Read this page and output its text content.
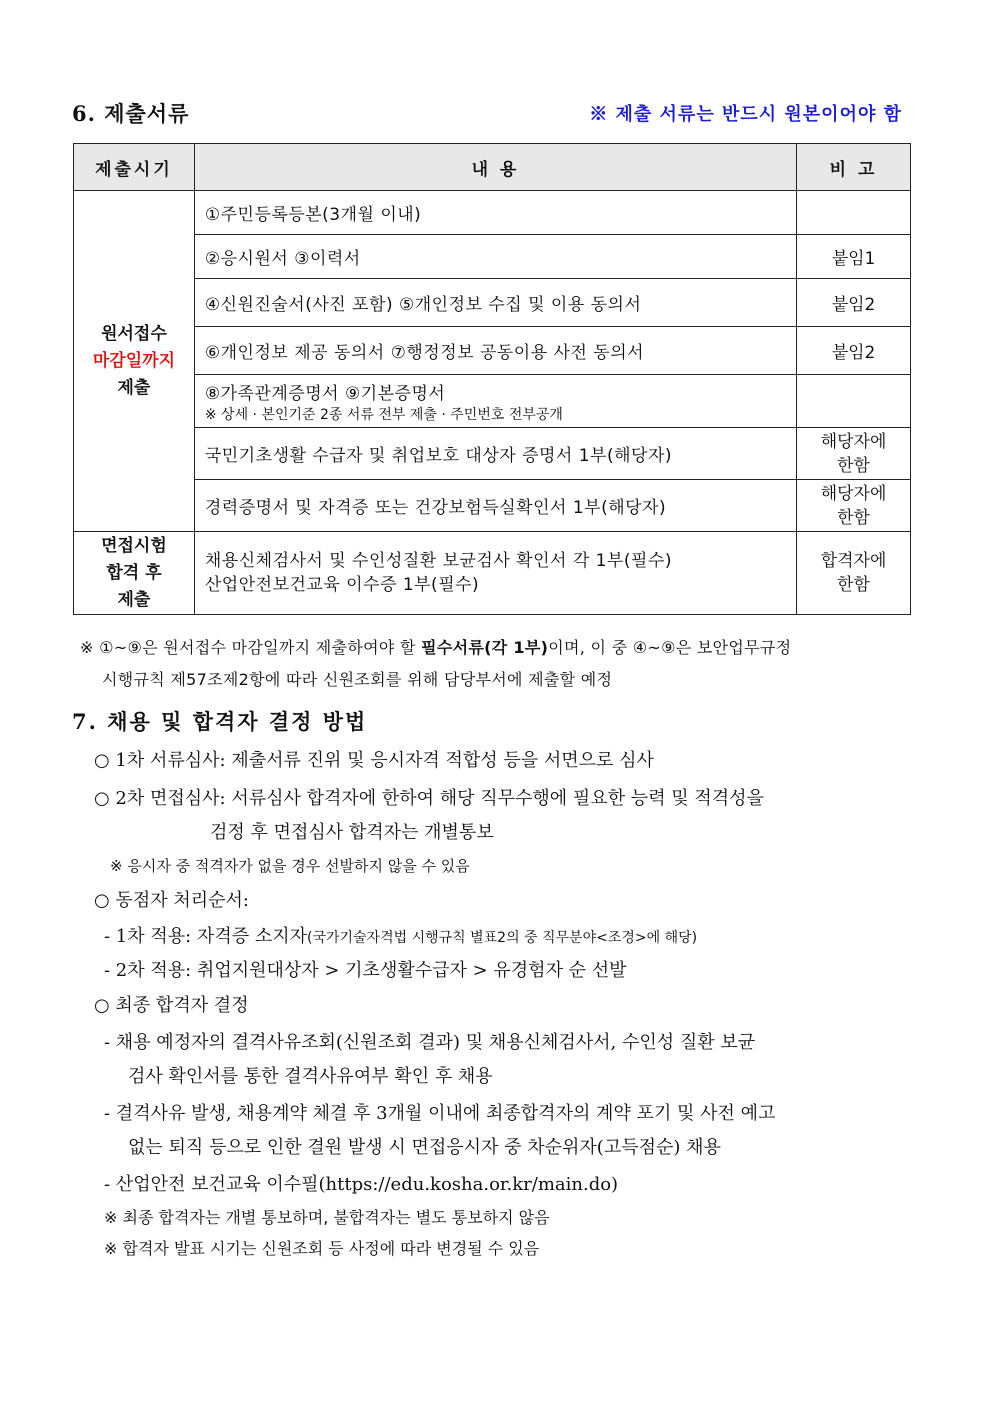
6. 제출서류	※ 제출 서류는 반드시 원본이어야 함
제출시기	내 용	비 고
원서접수
마감일까지
제출	①주민등록등본(3개월 이내)	
	②응시원서 ③이력서	붙임1
	④신원진술서(사진 포함) ⑤개인정보 수집 및 이용 동의서	붙임2
	⑥개인정보 제공 동의서 ⑦행정정보 공동이용 사전 동의서	붙임2
	⑧가족관계증명서 ⑨기본증명서
※ 상세 · 본인기준 2종 서류 전부 제출 · 주민번호 전부공개	

	국민기초생활 수급자 및 취업보호 대상자 증명서 1부(해당자)	해당자에
한함
	경력증명서 및 자격증 또는 건강보험득실확인서 1부(해당자)	해당자에
한함
면접시험
합격 후
제출	채용신체검사서 및 수인성질환 보균검사 확인서 각 1부(필수)
산업안전보건교육 이수증 1부(필수)	합격자에
한함
※ ①~⑨은 원서접수 마감일까지 제출하여야 할 필수서류(각 1부)이며, 이 중 ④~⑨은 보안업무규정
시행규칙 제57조제2항에 따라 신원조회를 위해 담당부서에 제출할 예정
7. 채용 및 합격자 결정 방법
○ 1차 서류심사: 제출서류 진위 및 응시자격 적합성 등을 서면으로 심사
○ 2차 면접심사: 서류심사 합격자에 한하여 해당 직무수행에 필요한 능력 및 적격성을
검정 후 면접심사 합격자는 개별통보
※ 응시자 중 적격자가 없을 경우 선발하지 않을 수 있음
○ 동점자 처리순서:
- 1차 적용: 자격증 소지자(국가기술자격법 시행규칙 별표2의 중 직무분야<조경>에 해당)
- 2차 적용: 취업지원대상자 > 기초생활수급자 > 유경험자 순 선발
○ 최종 합격자 결정
- 채용 예정자의 결격사유조회(신원조회 결과) 및 채용신체검사서, 수인성 질환 보균
검사 확인서를 통한 결격사유여부 확인 후 채용
- 결격사유 발생, 채용계약 체결 후 3개월 이내에 최종합격자의 계약 포기 및 사전 예고
없는 퇴직 등으로 인한 결원 발생 시 면접응시자 중 차순위자(고득점순) 채용
- 산업안전 보건교육 이수필(https://edu.kosha.or.kr/main.do)
※ 최종 합격자는 개별 통보하며, 불합격자는 별도 통보하지 않음
※ 합격자 발표 시기는 신원조회 등 사정에 따라 변경될 수 있음
